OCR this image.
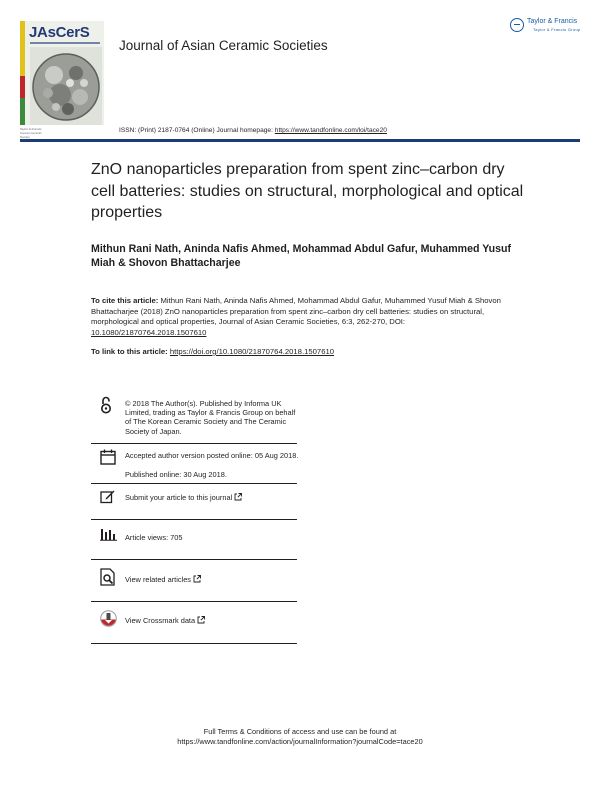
JAsCerS
Taylor & Francis Korean Ceramic Society
Journal of Asian Ceramic Societies
Taylor & Francis
Taylor & Francis Group
ISSN: (Print) 2187-0764 (Online) Journal homepage: https://www.tandfonline.com/loi/tace20
ZnO nanoparticles preparation from spent zinc–carbon dry cell batteries: studies on structural, morphological and optical properties
Mithun Rani Nath, Aninda Nafis Ahmed, Mohammad Abdul Gafur, Muhammed Yusuf Miah & Shovon Bhattacharjee
To cite this article: Mithun Rani Nath, Aninda Nafis Ahmed, Mohammad Abdul Gafur, Muhammed Yusuf Miah & Shovon Bhattacharjee (2018) ZnO nanoparticles preparation from spent zinc–carbon dry cell batteries: studies on structural, morphological and optical properties, Journal of Asian Ceramic Societies, 6:3, 262-270, DOI: 10.1080/21870764.2018.1507610
To link to this article: https://doi.org/10.1080/21870764.2018.1507610
© 2018 The Author(s). Published by Informa UK Limited, trading as Taylor & Francis Group on behalf of The Korean Ceramic Society and The Ceramic Society of Japan.
Accepted author version posted online: 05 Aug 2018.
Published online: 30 Aug 2018.
Submit your article to this journal
Article views: 705
View related articles
View Crossmark data
Full Terms & Conditions of access and use can be found at
https://www.tandfonline.com/action/journalInformation?journalCode=tace20
